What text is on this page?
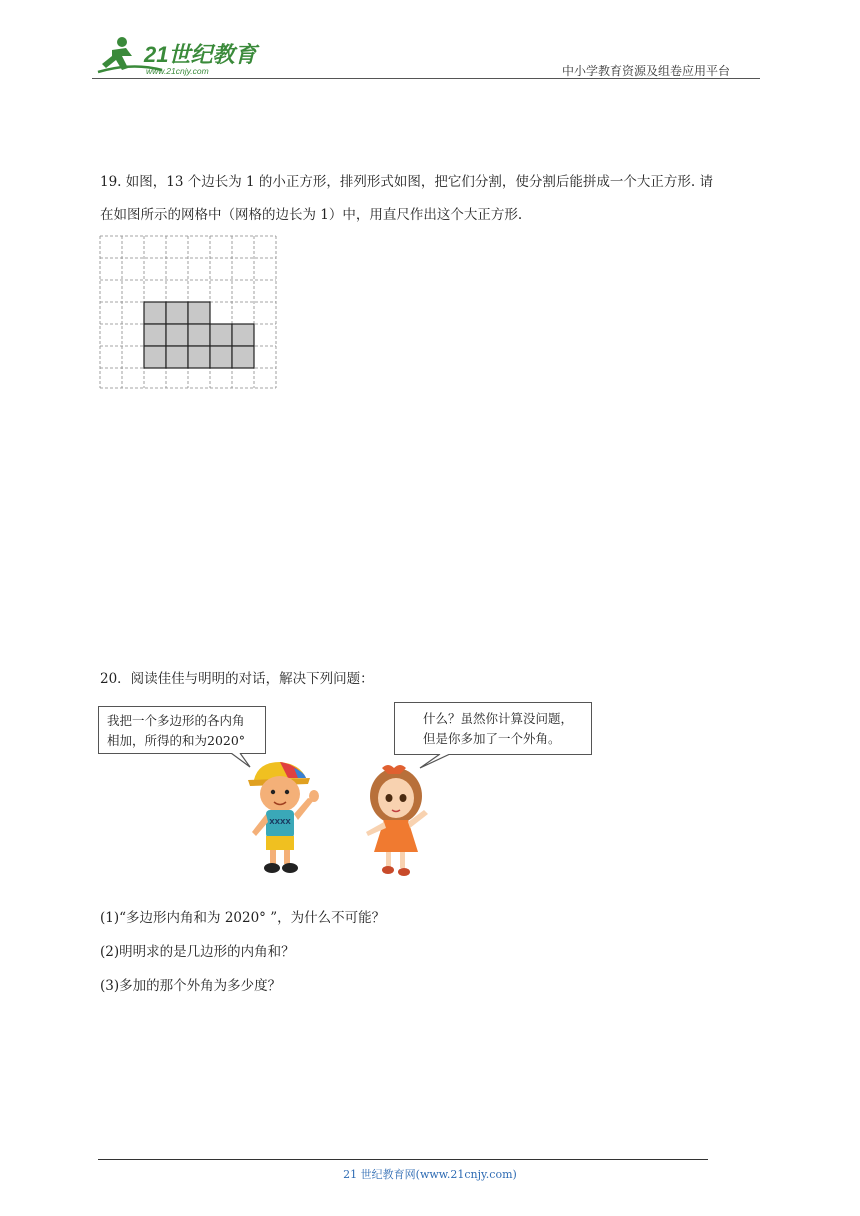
21世纪教育
www.21cnjy.com	中小学教育资源及组卷应用平台
19. 如图，13 个边长为 1 的小正方形，排列形式如图，把它们分割，使分割后能拼成一个大正方形. 请
在如图所示的网格中（网格的边长为 1）中，用直尺作出这个大正方形.
20．阅读佳佳与明明的对话，解决下列问题：
我把一个多边形的各内角
相加，所得的和为2020°
什么？虽然你计算没问题，
但是你多加了一个外角。
XXXX
(1)“多边形内角和为 2020° ”，为什么不可能？
(2)明明求的是几边形的内角和？
(3)多加的那个外角为多少度？
21 世纪教育网(www.21cnjy.com)
